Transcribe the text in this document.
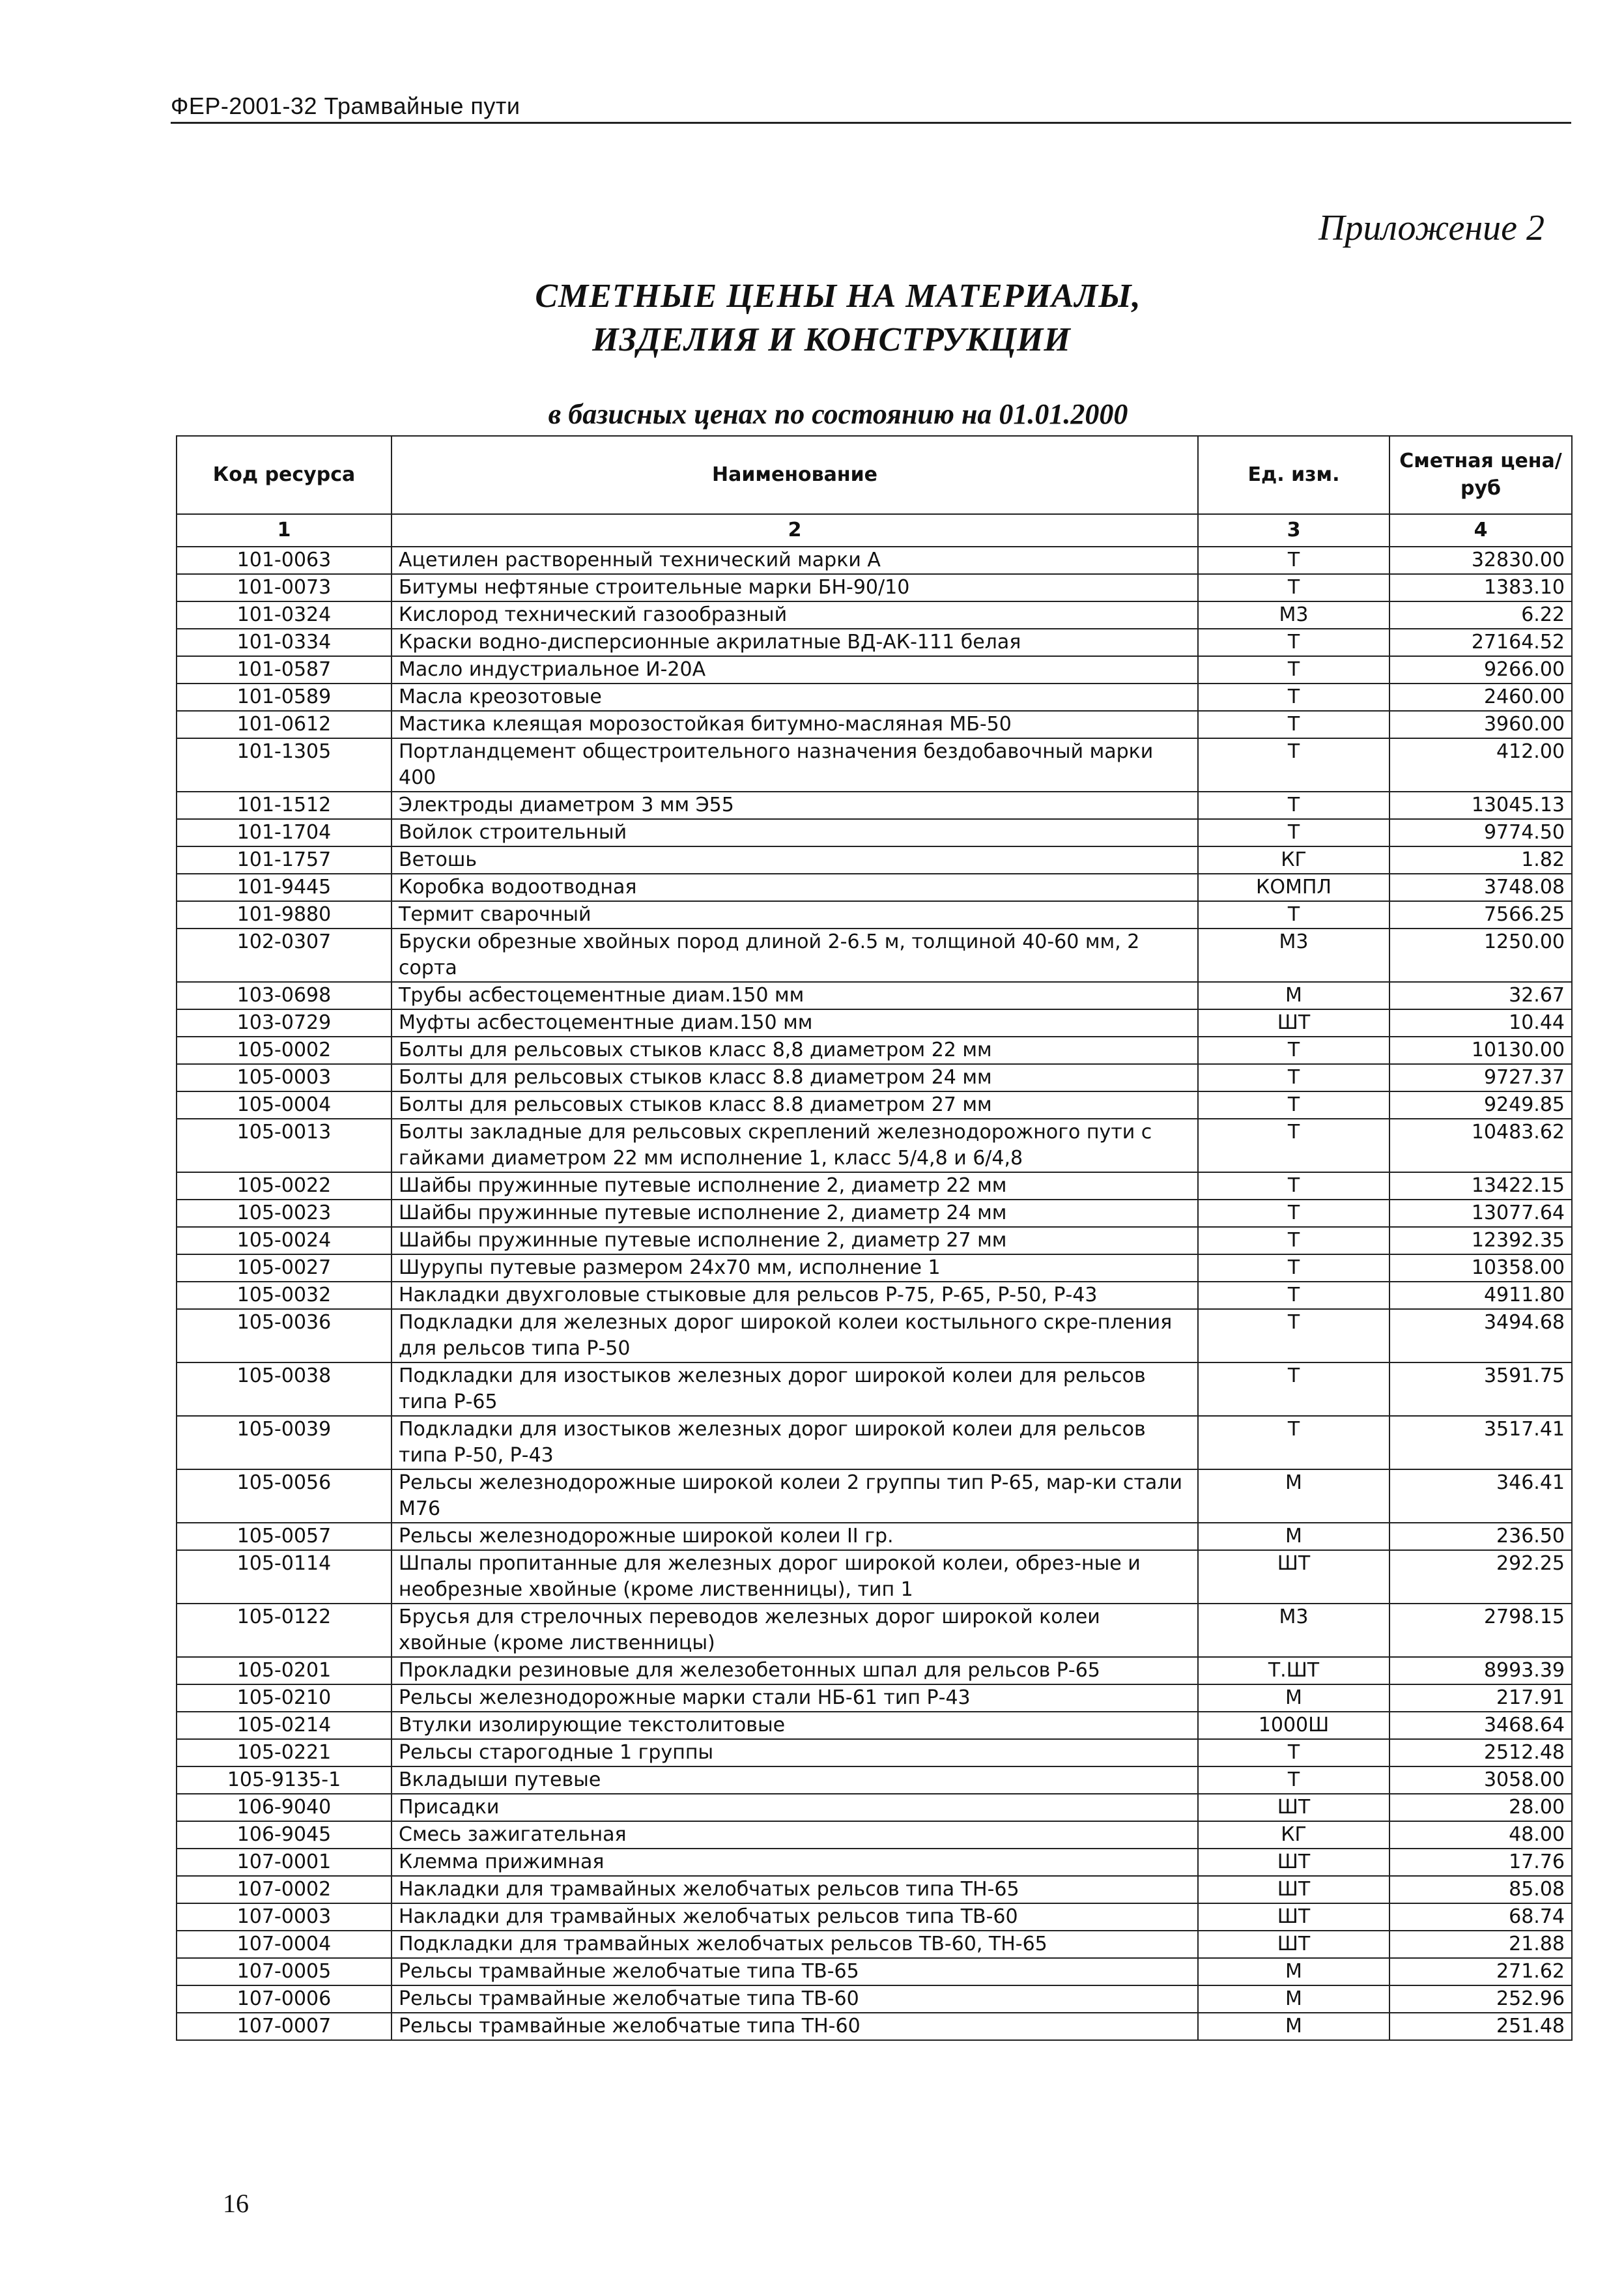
ФЕР-2001-32 Трамвайные пути
Приложение 2
СМЕТНЫЕ ЦЕНЫ НА МАТЕРИАЛЫ,
ИЗДЕЛИЯ И КОНСТРУКЦИИ
в базисных ценах по состоянию на 01.01.2000
Код ресурса	Наименование	Ед. изм.	Сметная цена/руб
1	2	3	4
101-0063	Ацетилен растворенный технический марки А	Т	32830.00
101-0073	Битумы нефтяные строительные марки БН-90/10	Т	1383.10
101-0324	Кислород технический газообразный	М3	6.22
101-0334	Краски водно-дисперсионные акрилатные ВД-АК-111 белая	Т	27164.52
101-0587	Масло индустриальное И-20А	Т	9266.00
101-0589	Масла креозотовые	Т	2460.00
101-0612	Мастика клеящая морозостойкая битумно-масляная МБ-50	Т	3960.00
101-1305	Портландцемент общестроительного назначения бездобавочный марки 400	Т	412.00
101-1512	Электроды диаметром 3 мм Э55	Т	13045.13
101-1704	Войлок строительный	Т	9774.50
101-1757	Ветошь	КГ	1.82
101-9445	Коробка водоотводная	КОМПЛ	3748.08
101-9880	Термит сварочный	Т	7566.25
102-0307	Бруски обрезные хвойных пород длиной 2-6.5 м, толщиной 40-60 мм, 2 сорта	М3	1250.00
103-0698	Трубы асбестоцементные диам.150 мм	М	32.67
103-0729	Муфты асбестоцементные диам.150 мм	ШТ	10.44
105-0002	Болты для рельсовых стыков класс 8,8 диаметром 22 мм	Т	10130.00
105-0003	Болты для рельсовых стыков класс 8.8 диаметром 24 мм	Т	9727.37
105-0004	Болты для рельсовых стыков класс 8.8 диаметром 27 мм	Т	9249.85
105-0013	Болты закладные для рельсовых скреплений железнодорожного пути с гайками диаметром 22 мм исполнение 1, класс 5/4,8 и 6/4,8	Т	10483.62
105-0022	Шайбы пружинные путевые исполнение 2, диаметр 22 мм	Т	13422.15
105-0023	Шайбы пружинные путевые исполнение 2, диаметр 24 мм	Т	13077.64
105-0024	Шайбы пружинные путевые исполнение 2, диаметр 27 мм	Т	12392.35
105-0027	Шурупы путевые размером 24х70 мм, исполнение 1	Т	10358.00
105-0032	Накладки двухголовые стыковые для рельсов Р-75, Р-65, Р-50, Р-43	Т	4911.80
105-0036	Подкладки для железных дорог широкой колеи костыльного скре-пления для рельсов типа Р-50	Т	3494.68
105-0038	Подкладки для изостыков железных дорог широкой колеи для рельсов типа Р-65	Т	3591.75
105-0039	Подкладки для изостыков железных дорог широкой колеи для рельсов типа Р-50, Р-43	Т	3517.41
105-0056	Рельсы железнодорожные широкой колеи 2 группы тип Р-65, мар-ки стали М76	М	346.41
105-0057	Рельсы железнодорожные широкой колеи II гр.	М	236.50
105-0114	Шпалы пропитанные для железных дорог широкой колеи, обрез-ные и необрезные хвойные (кроме лиственницы), тип 1	ШТ	292.25
105-0122	Брусья для стрелочных переводов железных дорог широкой колеи хвойные (кроме лиственницы)	М3	2798.15
105-0201	Прокладки резиновые для железобетонных шпал для рельсов Р-65	Т.ШТ	8993.39
105-0210	Рельсы железнодорожные марки стали НБ-61 тип Р-43	М	217.91
105-0214	Втулки изолирующие текстолитовые	1000Ш	3468.64
105-0221	Рельсы старогодные 1 группы	Т	2512.48
105-9135-1	Вкладыши путевые	Т	3058.00
106-9040	Присадки	ШТ	28.00
106-9045	Смесь зажигательная	КГ	48.00
107-0001	Клемма прижимная	ШТ	17.76
107-0002	Накладки для трамвайных желобчатых рельсов типа ТН-65	ШТ	85.08
107-0003	Накладки для трамвайных желобчатых рельсов типа ТВ-60	ШТ	68.74
107-0004	Подкладки для трамвайных желобчатых рельсов ТВ-60, ТН-65	ШТ	21.88
107-0005	Рельсы трамвайные желобчатые типа ТВ-65	М	271.62
107-0006	Рельсы трамвайные желобчатые типа ТВ-60	М	252.96
107-0007	Рельсы трамвайные желобчатые типа ТН-60	М	251.48
16
